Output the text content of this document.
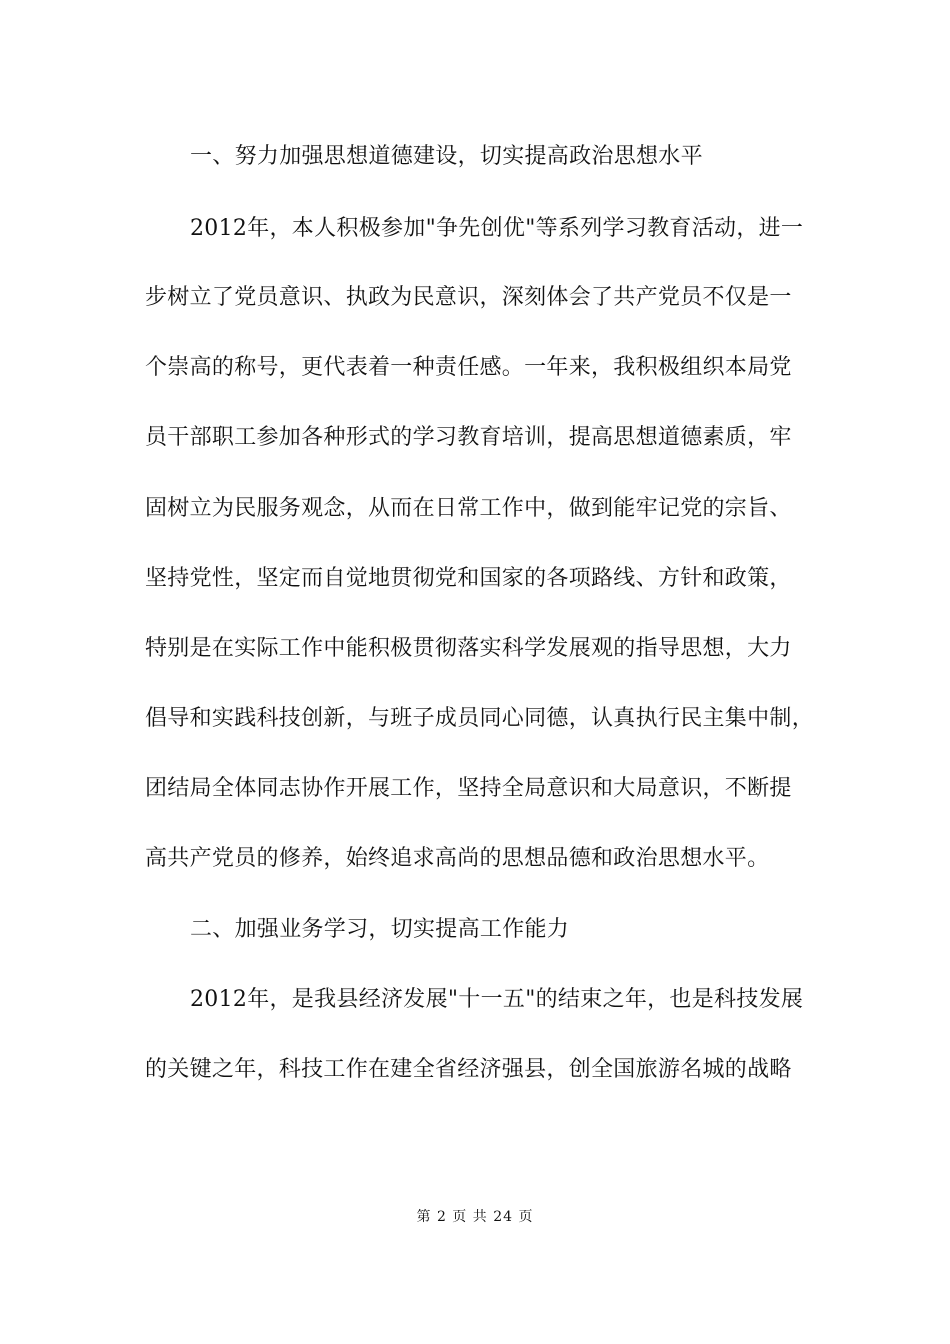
一、努力加强思想道德建设，切实提高政治思想水平
2012年，本人积极参加"争先创优"等系列学习教育活动，进一
步树立了党员意识、执政为民意识，深刻体会了共产党员不仅是一
个崇高的称号，更代表着一种责任感。一年来，我积极组织本局党
员干部职工参加各种形式的学习教育培训，提高思想道德素质，牢
固树立为民服务观念，从而在日常工作中，做到能牢记党的宗旨、
坚持党性，坚定而自觉地贯彻党和国家的各项路线、方针和政策，
特别是在实际工作中能积极贯彻落实科学发展观的指导思想，大力
倡导和实践科技创新，与班子成员同心同德，认真执行民主集中制，
团结局全体同志协作开展工作，坚持全局意识和大局意识，不断提
高共产党员的修养，始终追求高尚的思想品德和政治思想水平。
二、加强业务学习，切实提高工作能力
2012年，是我县经济发展"十一五"的结束之年，也是科技发展
的关键之年，科技工作在建全省经济强县，创全国旅游名城的战略
第 2 页 共 24 页
